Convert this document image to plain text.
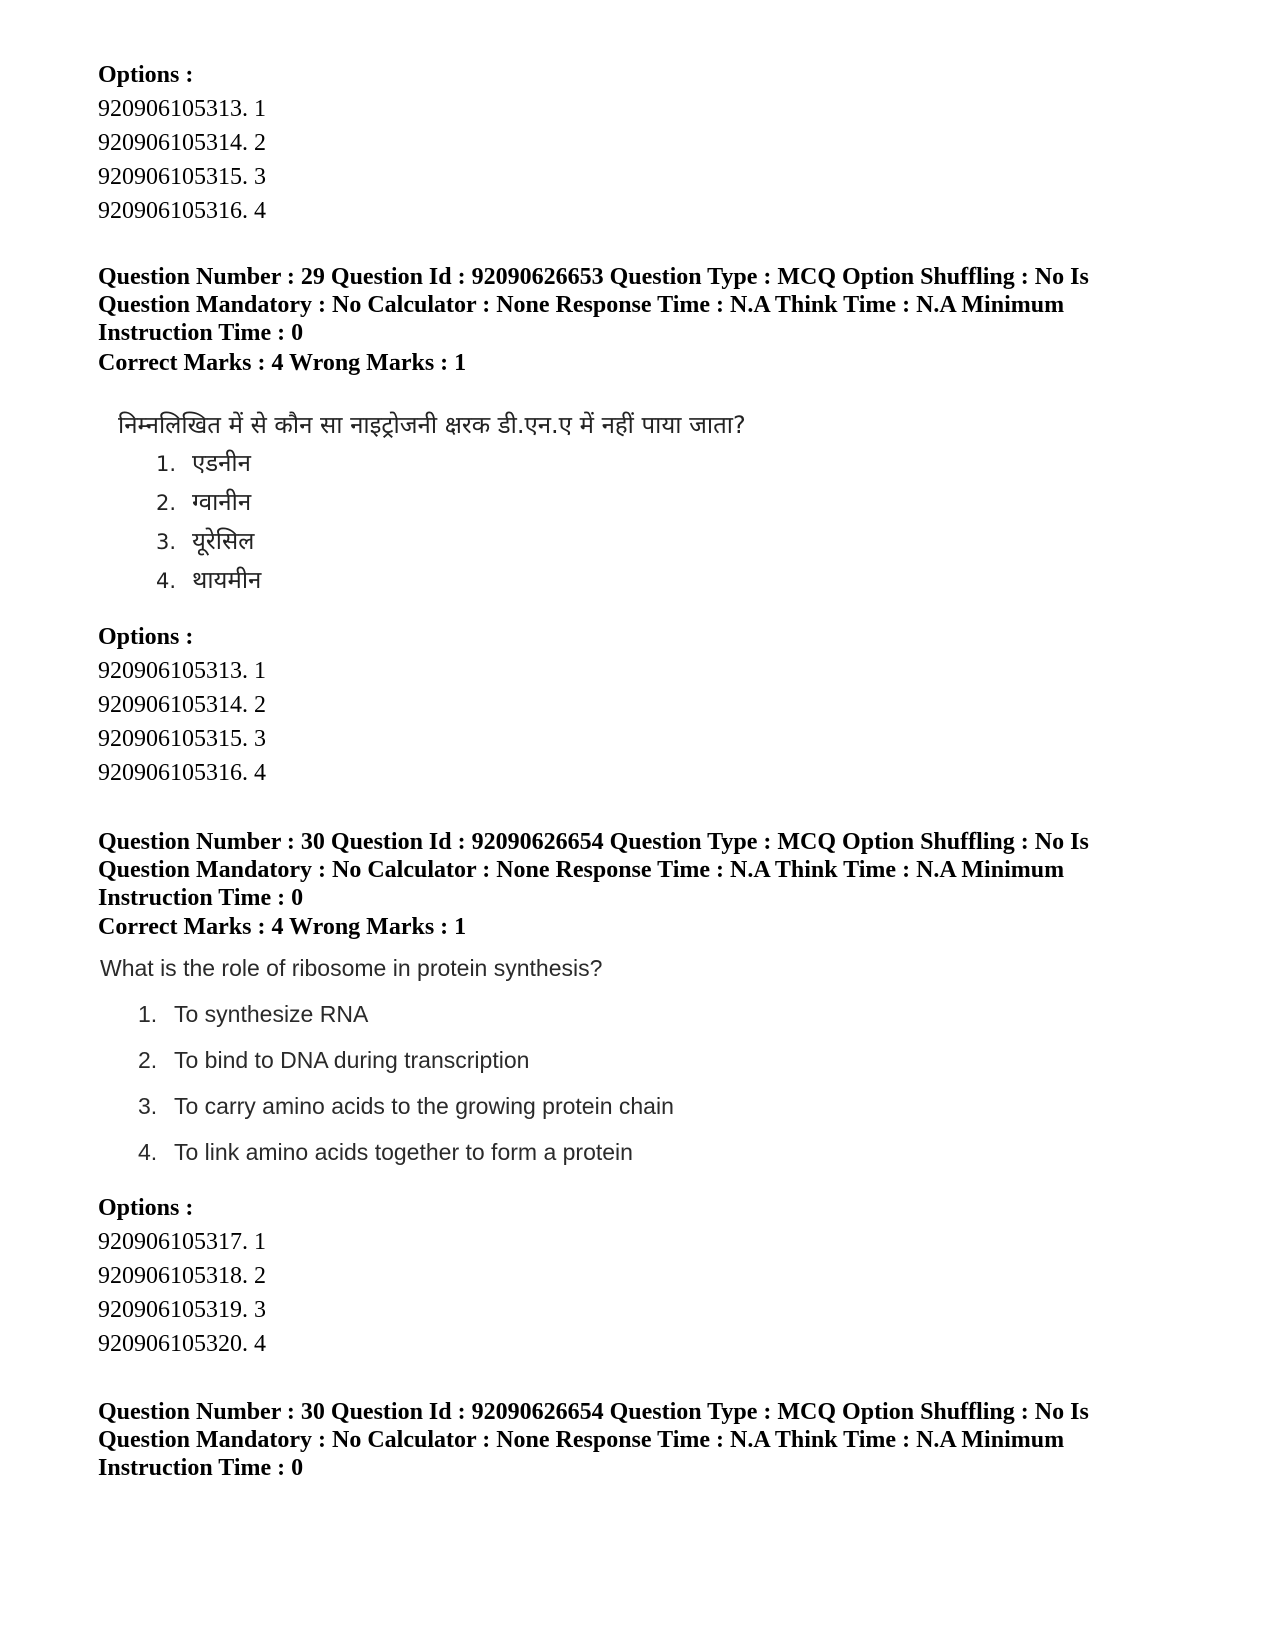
Options :
920906105313. 1
920906105314. 2
920906105315. 3
920906105316. 4
Question Number : 29 Question Id : 92090626653 Question Type : MCQ Option Shuffling : No Is Question Mandatory : No Calculator : None Response Time : N.A Think Time : N.A Minimum Instruction Time : 0
Correct Marks : 4 Wrong Marks : 1
निम्नलिखित में से कौन सा नाइट्रोजनी क्षरक डी.एन.ए में नहीं पाया जाता?
1. एडनीन
2. ग्वानीन
3. यूरेसिल
4. थायमीन
Options :
920906105313. 1
920906105314. 2
920906105315. 3
920906105316. 4
Question Number : 30 Question Id : 92090626654 Question Type : MCQ Option Shuffling : No Is Question Mandatory : No Calculator : None Response Time : N.A Think Time : N.A Minimum Instruction Time : 0
Correct Marks : 4 Wrong Marks : 1
What is the role of ribosome in protein synthesis?
1. To synthesize RNA
2. To bind to DNA during transcription
3. To carry amino acids to the growing protein chain
4. To link amino acids together to form a protein
Options :
920906105317. 1
920906105318. 2
920906105319. 3
920906105320. 4
Question Number : 30 Question Id : 92090626654 Question Type : MCQ Option Shuffling : No Is Question Mandatory : No Calculator : None Response Time : N.A Think Time : N.A Minimum Instruction Time : 0
